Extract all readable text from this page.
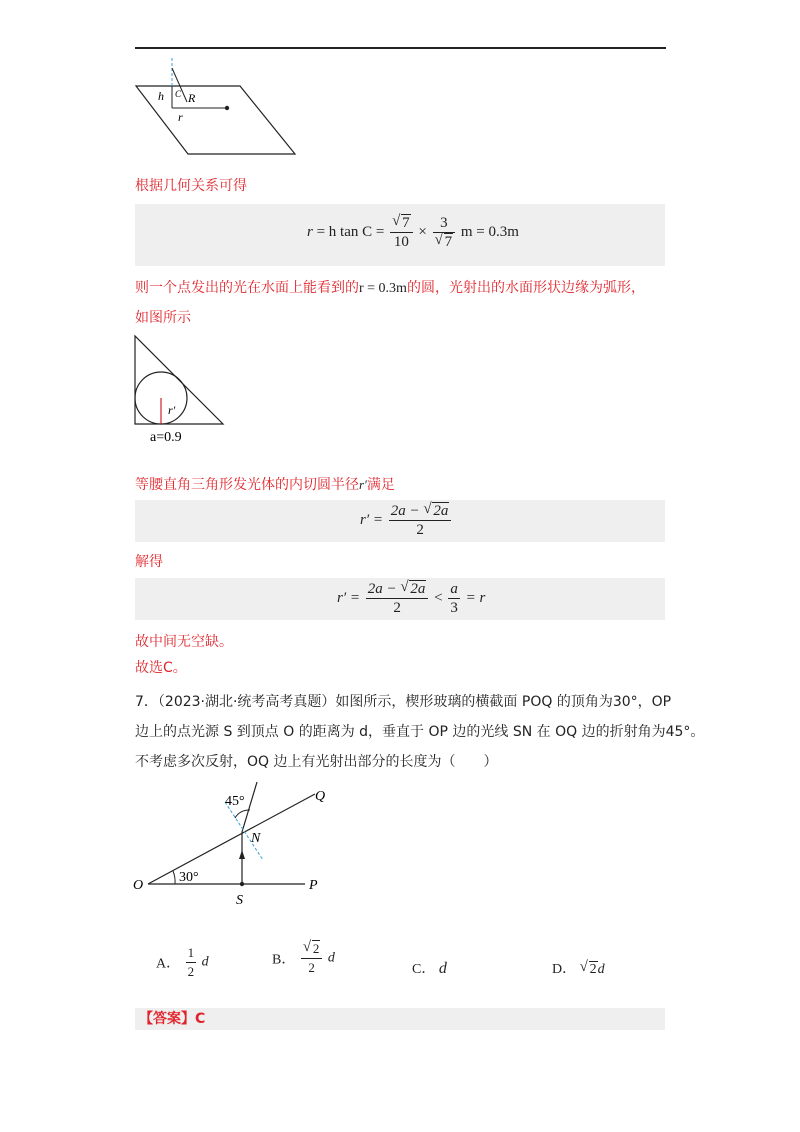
h C R
r
根据几何关系可得
r = h $\tan C = \frac{√ 7}{10} \times \frac{3}{√ 7}$ m = 0.3m
则一个点发出的光在水面上能看到的r = 0.3m的圆，光射出的水面形状边缘为弧形，
如图所示
r′
a=0.9
等腰直角三角形发光体的内切圆半径r′满足
$r' = \frac{2a - √ 2a}{2}$
解得
$r' = \frac{2a - √ 2a}{2} < \frac{a}{3} = r$
故中间无空缺。
故选C。
7．（2023·湖北·统考高考真题）如图所示，楔形玻璃的横截面 POQ 的顶角为30°，OP
边上的点光源 S 到顶点 O 的距离为 d，垂直于 OP 边的光线 SN 在 OQ 边的折射角为45°。
不考虑多次反射，OQ 边上有光射出部分的长度为（　　）
45°	Q
N
O
30°
S
P
A． $\frac{1}{2}$ d	B． $\frac{√ 2}{2}$ d
C． d	D． √ 2d
【答案】C
